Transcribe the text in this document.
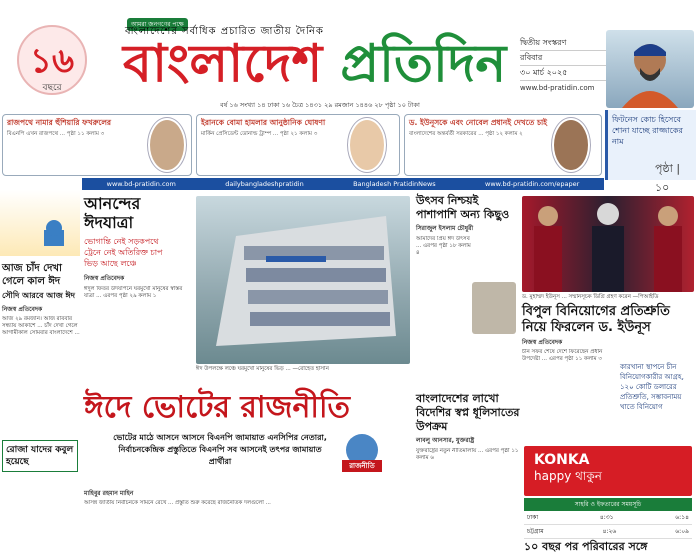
১৬
বছরে
আমরা জনগণের পক্ষে
বাংলাদেশের সর্বাধিক প্রচারিত জাতীয় দৈনিক
বাংলাদেশ প্রতিদিন দ্বিতীয় সংস্করণ
রবিবার
৩০ মার্চ ২০২৫
www.bd-pratidin.com
বর্ষ ১৬ সংখ্যা ১৪ ঢাকা ১৬ চৈত্র ১৪৩১ ২৯ রমজান ১৪৪৬ ২৮ পৃষ্ঠা ১০ টাকা
রাজপথে নামার হুঁশিয়ারি ফখরুলের
বিএনপি এখন রাজপথে ... পৃষ্ঠা ১১ কলাম ৩
ইরানকে বোমা হামলার আনুষ্ঠানিক ঘোষণা
মার্কিন প্রেসিডেন্ট ডোনাল্ড ট্রাম্প ... পৃষ্ঠা ২১ কলাম ৩
ড. ইউনূসকে এবং নোবেল প্রধানই দেখতে চাই
বাংলাদেশের অন্তর্বর্তী সরকারের ... পৃষ্ঠা ১২ কলাম ২
ফিটনেস কোচ হিসেবে শোনা যাচ্ছে রাজ্জাকের নাম
পৃষ্ঠা | ১০
www.bd-pratidin.com	dailybangladeshpratidin	Bangladesh PratidinNews	www.bd-pratidin.com/epaper
আজ চাঁদ দেখা গেলে কাল ঈদ
সৌদি আরবে আজ ঈদ
নিজস্ব প্রতিবেদক
আজ ২৯ রমজান। আজ রবিবার সন্ধ্যায় আকাশে ... চাঁদ দেখা গেলে আগামীকাল সোমবার বাংলাদেশে ...
রোজা যাদের কবুল হয়েছে
আনন্দের ঈদযাত্রা
ভোগান্তি নেই সড়কপথে
ট্রেনে নেই অতিরিক্ত চাপ
ভিড় আছে লঞ্চে
নিজস্ব প্রতিবেদক
ঈদুল ফিতর উদযাপনে ঘরমুখো মানুষের স্বস্তির যাত্রা ... এরপর পৃষ্ঠা ২৯ কলাম ১
ঈদ উপলক্ষে লঞ্চে ঘরমুখো মানুষের ভিড় ... —রোহেত হাসান
উৎসব নিশ্চয়ই পাশাপাশি অন্য কিছুও
সিরাজুল ইসলাম চৌধুরী
আমাদের প্রিয় ঈদ উৎসব ... এরপর পৃষ্ঠা ১৮ কলাম ৪
ড. মুহাম্মদ ইউনূস ... সম্মানসূচক ডিগ্রি গ্রহণ করেন —পিআইডি
বিপুল বিনিয়োগের প্রতিশ্রুতি নিয়ে ফিরলেন ড. ইউনূস
নিজস্ব প্রতিবেদক
চীন সফর শেষে দেশে ফিরেছেন প্রধান উপদেষ্টা ... এরপর পৃষ্ঠা ১১ কলাম ৩
কারখানা স্থাপনে চীন বিনিয়োগকারীর আগ্রহ, ১২০ কোটি ডলারের প্রতিশ্রুতি, সম্ভাবনাময় খাতে বিনিয়োগ
ঈদে ভোটের রাজনীতি
ভোটের মাঠে আসনে আসনে বিএনপি জামায়াত এনসিপির নেতারা, নির্বাচনকেন্দ্রিক প্রস্তুতিতে বিএনপি সব আসনেই তৎপর জামায়াত প্রার্থীরা	রাজনীতি
মাহিবুর রহমান মাহিন
আসন্ন জাতীয় নির্বাচনকে সামনে রেখে ... প্রস্তুতি শুরু করেছে রাজনৈতিক দলগুলো ...
বাংলাদেশের লাখো বিদেশির স্বপ্ন ধূলিসাতের উপক্রম
লাবলু আনসার, যুক্তরাষ্ট্র
যুক্তরাষ্ট্রের নতুন নীতিমালায় ... এরপর পৃষ্ঠা ১১ কলাম ৬	KONKA
happy থাকুন
সাহরি ও ইফতারের সময়সূচি
ঢাকা	৪:৩১	৬:১৪
চট্টগ্রাম	৪:২৬	৬:০৯
১০ বছর পর পরিবারের সঙ্গে
